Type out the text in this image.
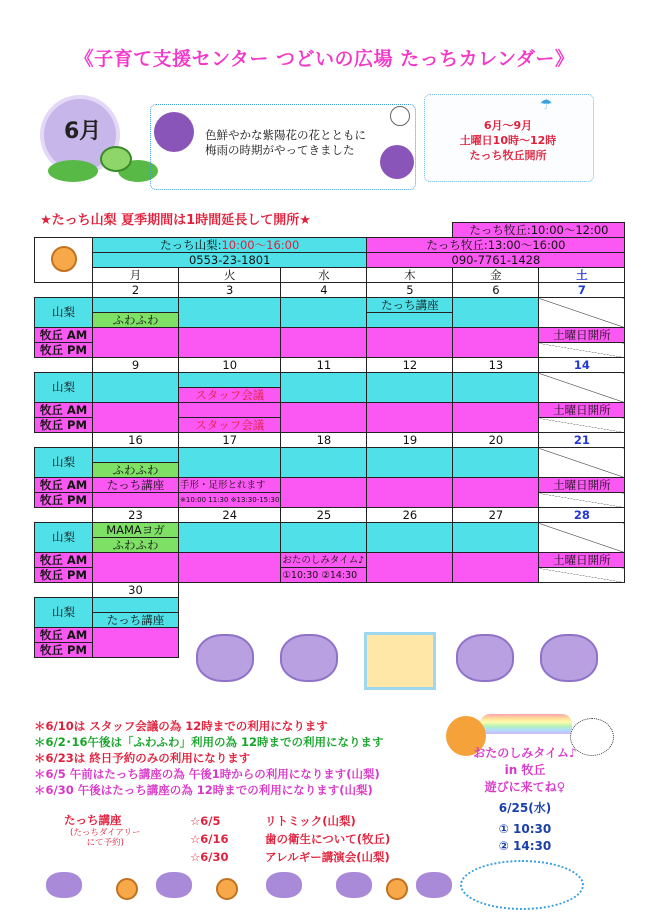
《子育て支援センター つどいの広場 たっちカレンダー》
6月	色鮮やかな紫陽花の花とともに
梅雨の時期がやってきました
☂
6月～9月
土曜日10時～12時
たっち牧丘開所
★たっち山梨 夏季期間は1時間延長して開所★
					たっち牧丘:10:00～12:00	
	たっち山梨:10:00～16:00			たっち牧丘:13:00～16:00		
	0553-23-1801			090-7761-1428		
	月	火	水	木	金	土
	2	3	4	5	6	7
山梨				たっち講座		
	ふわふわ					
牧丘 AM						土曜日開所
牧丘 PM						
	9	10	11	12	13	14
山梨						
		スタッフ会議				
牧丘 AM						土曜日開所
牧丘 PM		スタッフ会議				
	16	17	18	19	20	21
山梨						
	ふわふわ					
牧丘 AM	たっち講座	手形・足形とれます				土曜日開所
牧丘 PM		※10:00 11:30 ※13:30-15:30				
	23	24	25	26	27	28
山梨	MAMAヨガ					
	ふわふわ					
牧丘 AM			おたのしみタイム♪			土曜日開所
牧丘 PM			①10:30 ②14:30			
	30					
山梨						
	たっち講座					
牧丘 AM						
牧丘 PM						
＊6/10は スタッフ会議の為 12時までの利用になります
＊6/2･16午後は「ふわふわ」利用の為 12時までの利用になります
＊6/23は 終日予約のみの利用になります
＊6/5 午前はたっち講座の為 午後1時からの利用になります(山梨)
＊6/30 午後はたっち講座の為 12時までの利用になります(山梨)
たっち講座
(たっちダイアリー
にて予約)
☆6/5	リトミック(山梨)
☆6/16	歯の衛生について(牧丘)
☆6/30	アレルギー講演会(山梨)
おたのしみタイム♪
in 牧丘
遊びに来てね♀
6/25(水)
① 10:30
② 14:30
